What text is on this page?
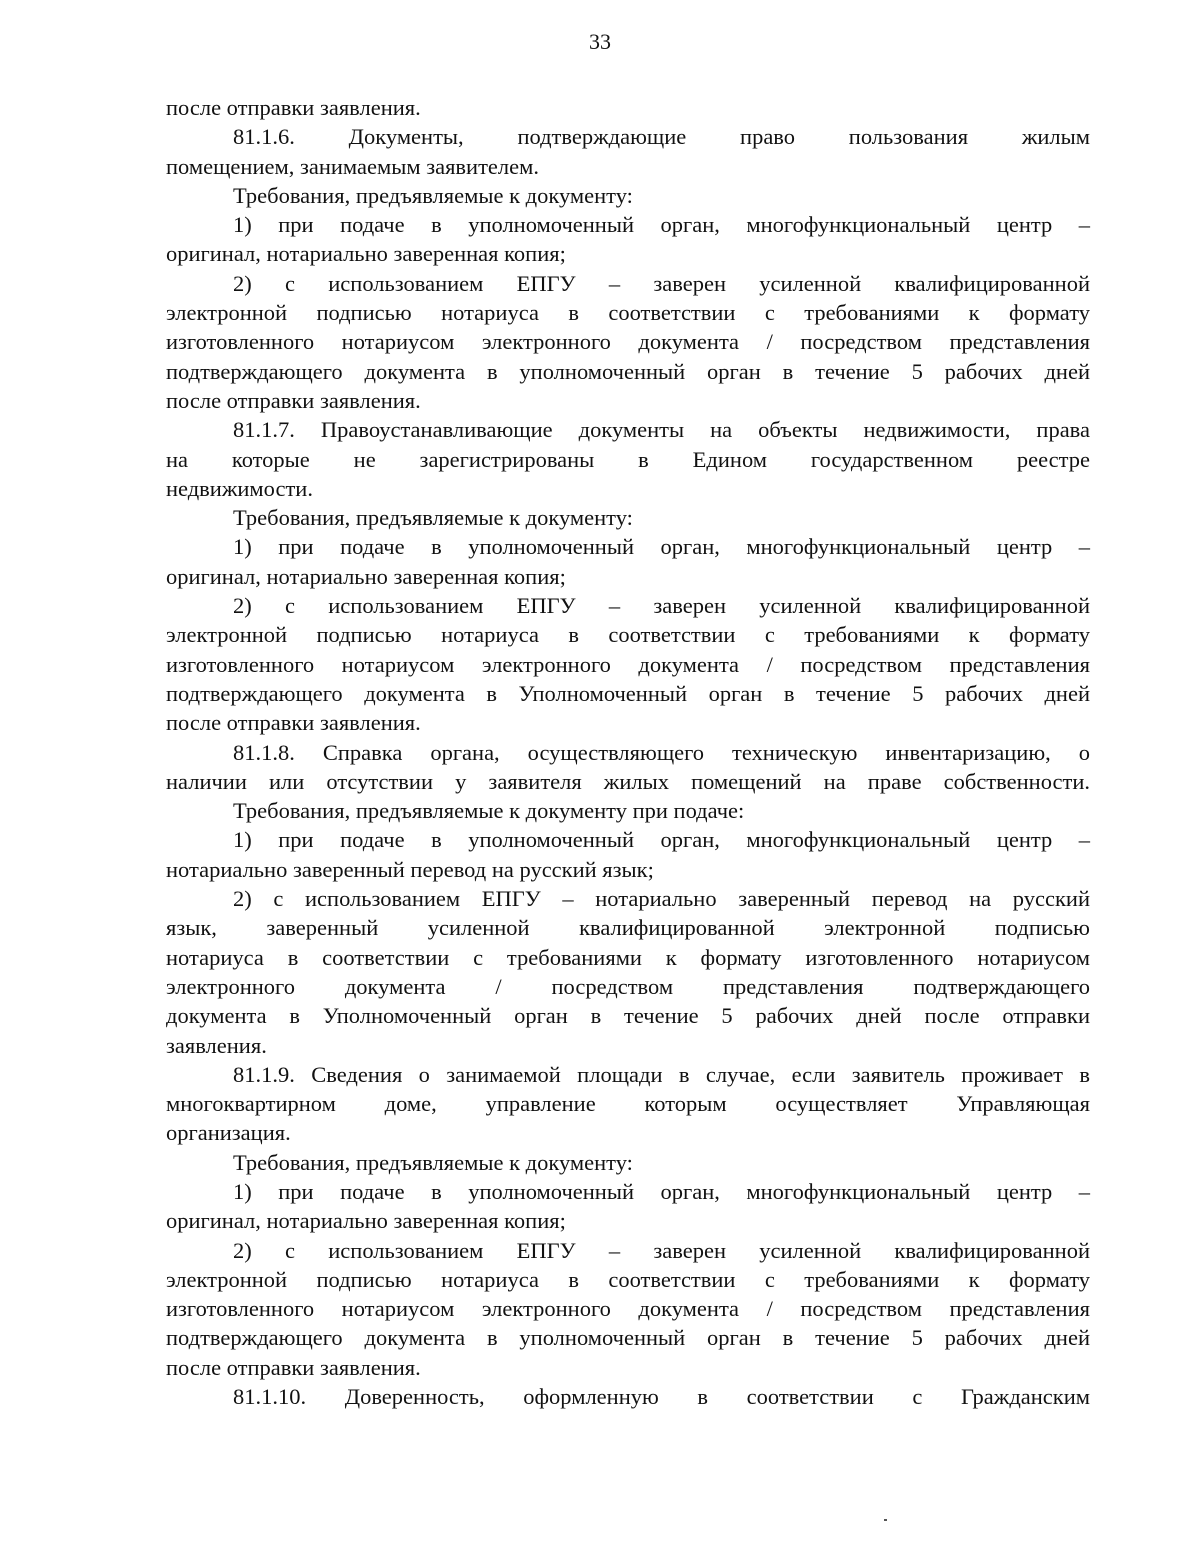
33
после отправки заявления.
81.1.6. Документы, подтверждающие право пользования жилым
помещением, занимаемым заявителем.
Требования, предъявляемые к документу:
1) при подаче в уполномоченный орган, многофункциональный центр –
оригинал, нотариально заверенная копия;
2) с использованием ЕПГУ – заверен усиленной квалифицированной
электронной подписью нотариуса в соответствии с требованиями к формату
изготовленного нотариусом электронного документа / посредством представления
подтверждающего документа в уполномоченный орган в течение 5 рабочих дней
после отправки заявления.
81.1.7. Правоустанавливающие документы на объекты недвижимости, права
на которые не зарегистрированы в Едином государственном реестре
недвижимости.
Требования, предъявляемые к документу:
1) при подаче в уполномоченный орган, многофункциональный центр –
оригинал, нотариально заверенная копия;
2) с использованием ЕПГУ – заверен усиленной квалифицированной
электронной подписью нотариуса в соответствии с требованиями к формату
изготовленного нотариусом электронного документа / посредством представления
подтверждающего документа в Уполномоченный орган в течение 5 рабочих дней
после отправки заявления.
81.1.8. Справка органа, осуществляющего техническую инвентаризацию, о
наличии или отсутствии у заявителя жилых помещений на праве собственности.
Требования, предъявляемые к документу при подаче:
1) при подаче в уполномоченный орган, многофункциональный центр –
нотариально заверенный перевод на русский язык;
2) с использованием ЕПГУ – нотариально заверенный перевод на русский
язык, заверенный усиленной квалифицированной электронной подписью
нотариуса в соответствии с требованиями к формату изготовленного нотариусом
электронного документа / посредством представления подтверждающего
документа в Уполномоченный орган в течение 5 рабочих дней после отправки
заявления.
81.1.9. Сведения о занимаемой площади в случае, если заявитель проживает в
многоквартирном доме, управление которым осуществляет Управляющая
организация.
Требования, предъявляемые к документу:
1) при подаче в уполномоченный орган, многофункциональный центр –
оригинал, нотариально заверенная копия;
2) с использованием ЕПГУ – заверен усиленной квалифицированной
электронной подписью нотариуса в соответствии с требованиями к формату
изготовленного нотариусом электронного документа / посредством представления
подтверждающего документа в уполномоченный орган в течение 5 рабочих дней
после отправки заявления.
81.1.10. Доверенность, оформленную в соответствии с Гражданским
